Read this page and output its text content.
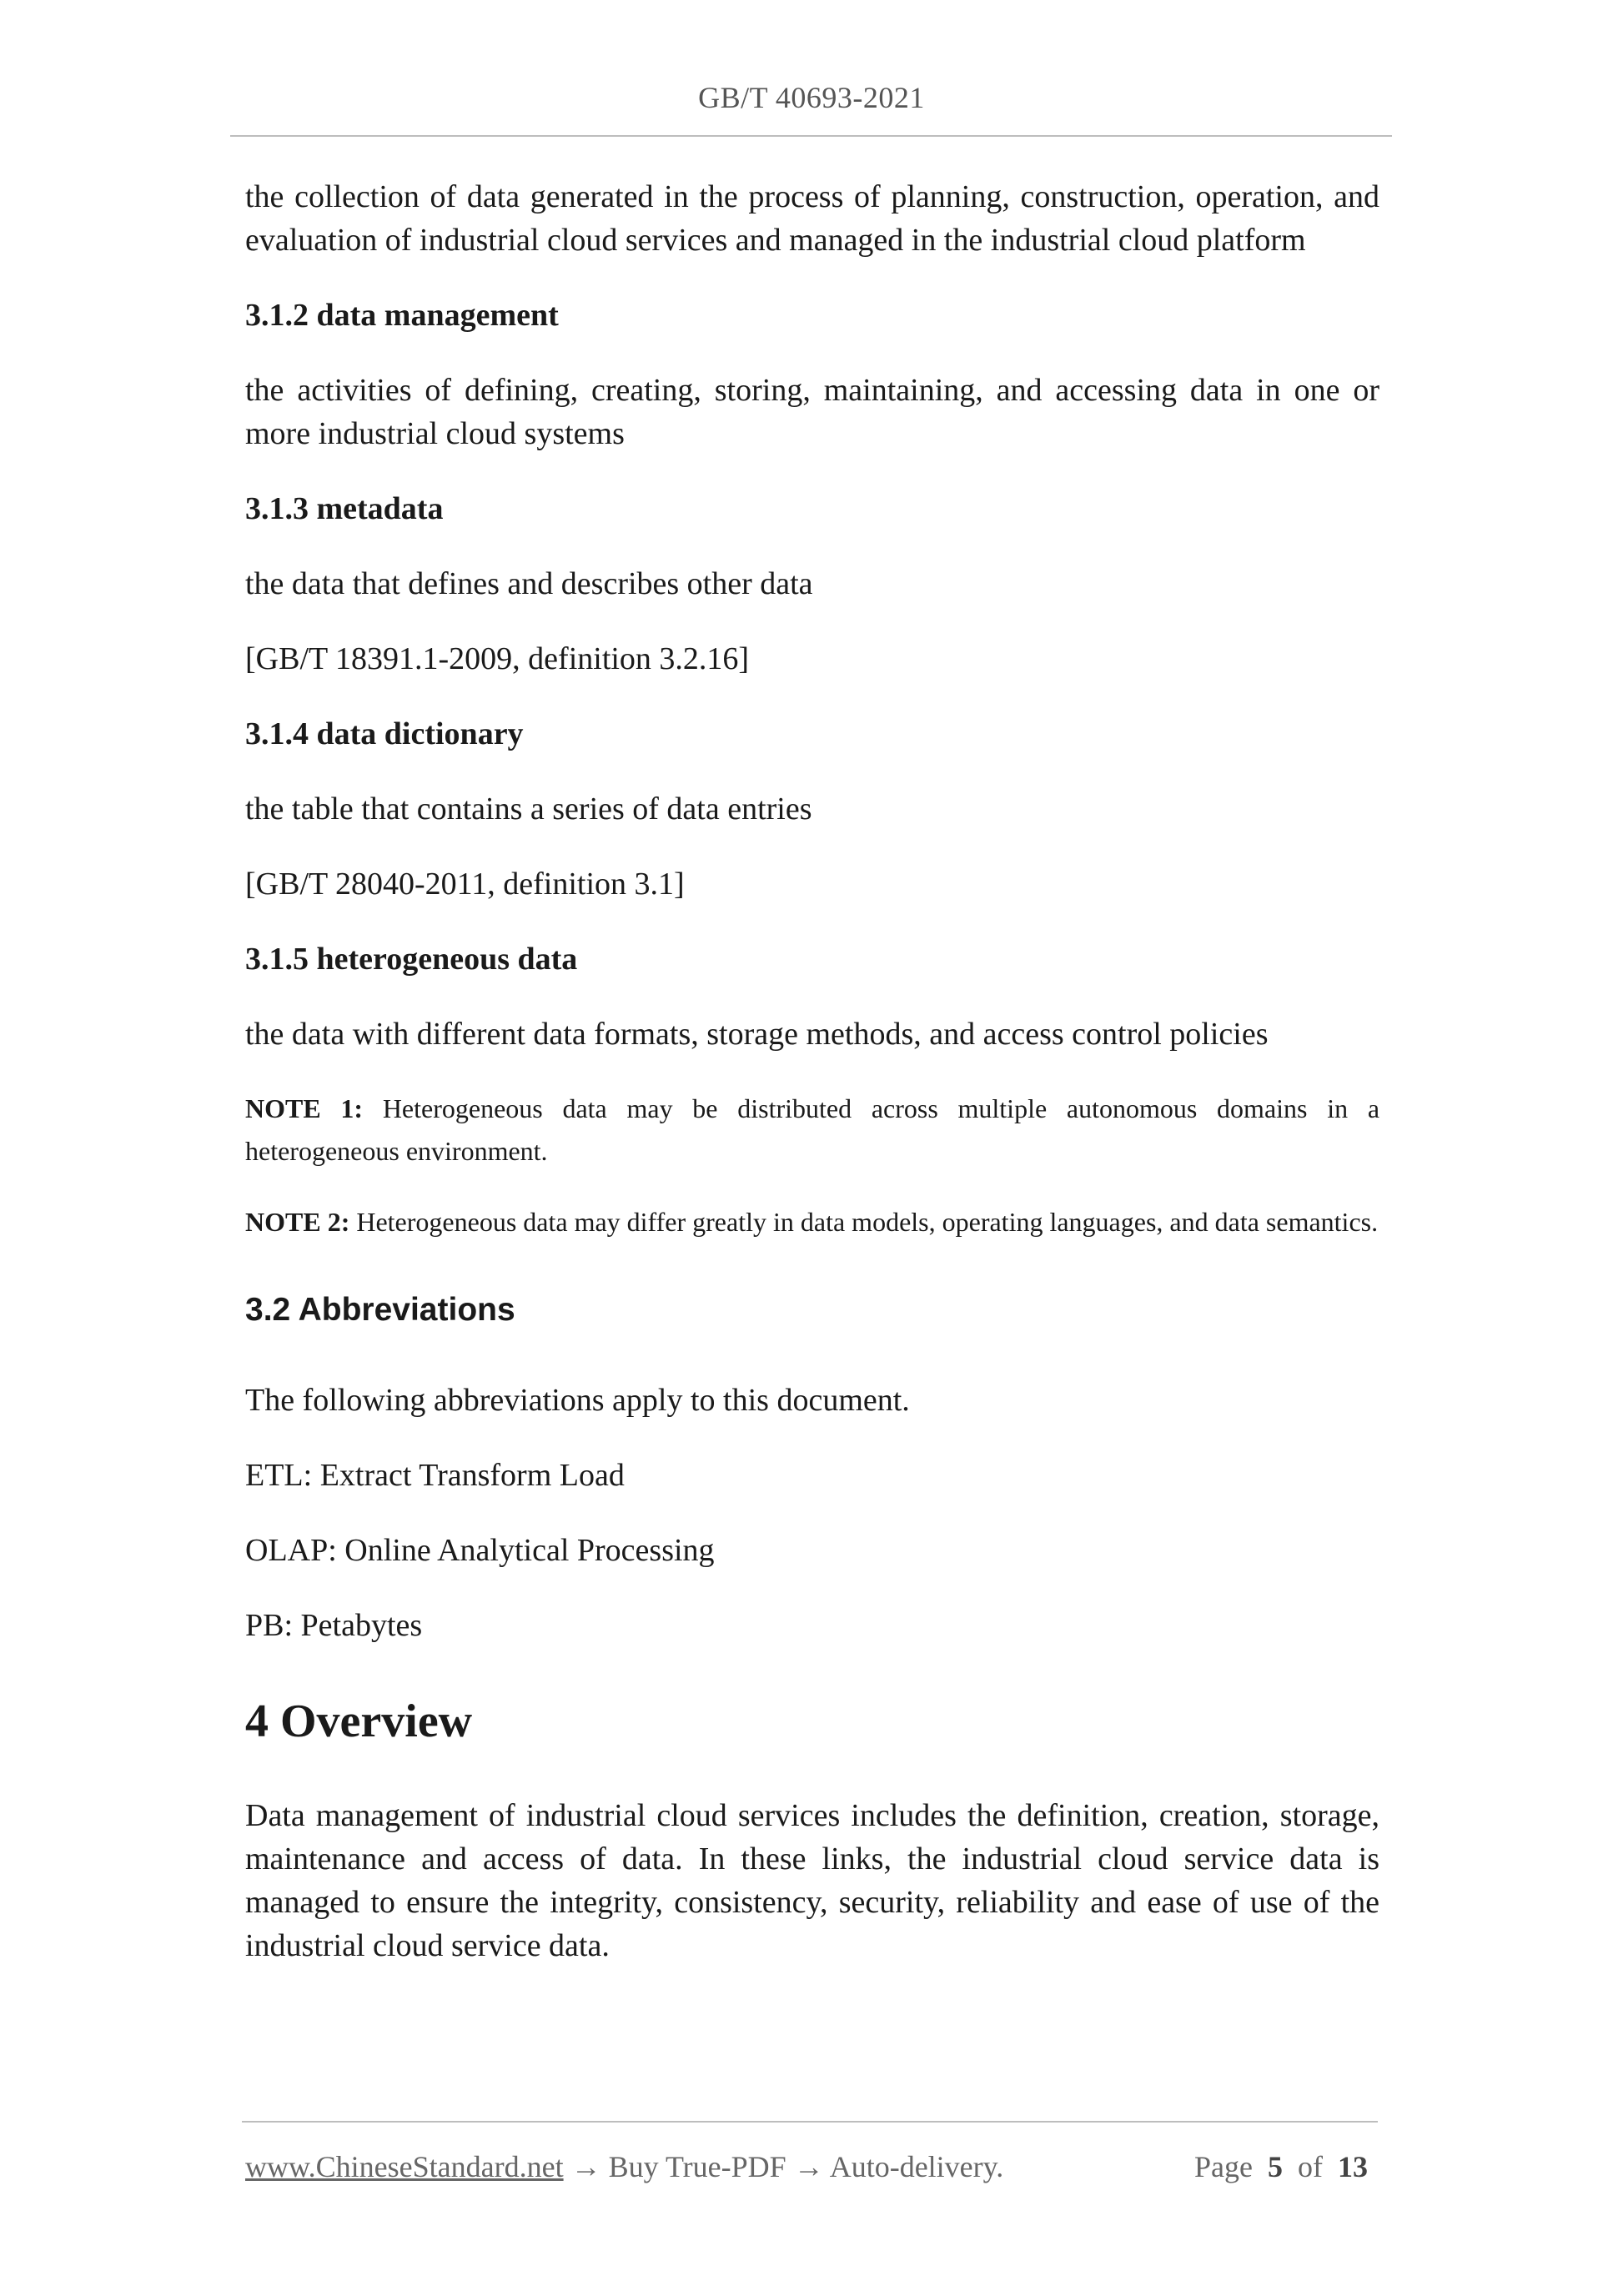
GB/T 40693-2021

the collection of data generated in the process of planning, construction, operation, and evaluation of industrial cloud services and managed in the industrial cloud platform

3.1.2 data management

the activities of defining, creating, storing, maintaining, and accessing data in one or more industrial cloud systems

3.1.3 metadata

the data that defines and describes other data

[GB/T 18391.1-2009, definition 3.2.16]

3.1.4 data dictionary

the table that contains a series of data entries

[GB/T 28040-2011, definition 3.1]

3.1.5 heterogeneous data

the data with different data formats, storage methods, and access control policies

NOTE 1: Heterogeneous data may be distributed across multiple autonomous domains in a heterogeneous environment.

NOTE 2: Heterogeneous data may differ greatly in data models, operating languages, and data semantics.

3.2 Abbreviations

The following abbreviations apply to this document.

ETL: Extract Transform Load

OLAP: Online Analytical Processing

PB: Petabytes

4 Overview

Data management of industrial cloud services includes the definition, creation, storage, maintenance and access of data. In these links, the industrial cloud service data is managed to ensure the integrity, consistency, security, reliability and ease of use of the industrial cloud service data.

www.ChineseStandard.net → Buy True-PDF → Auto-delivery.	Page 5 of 13
